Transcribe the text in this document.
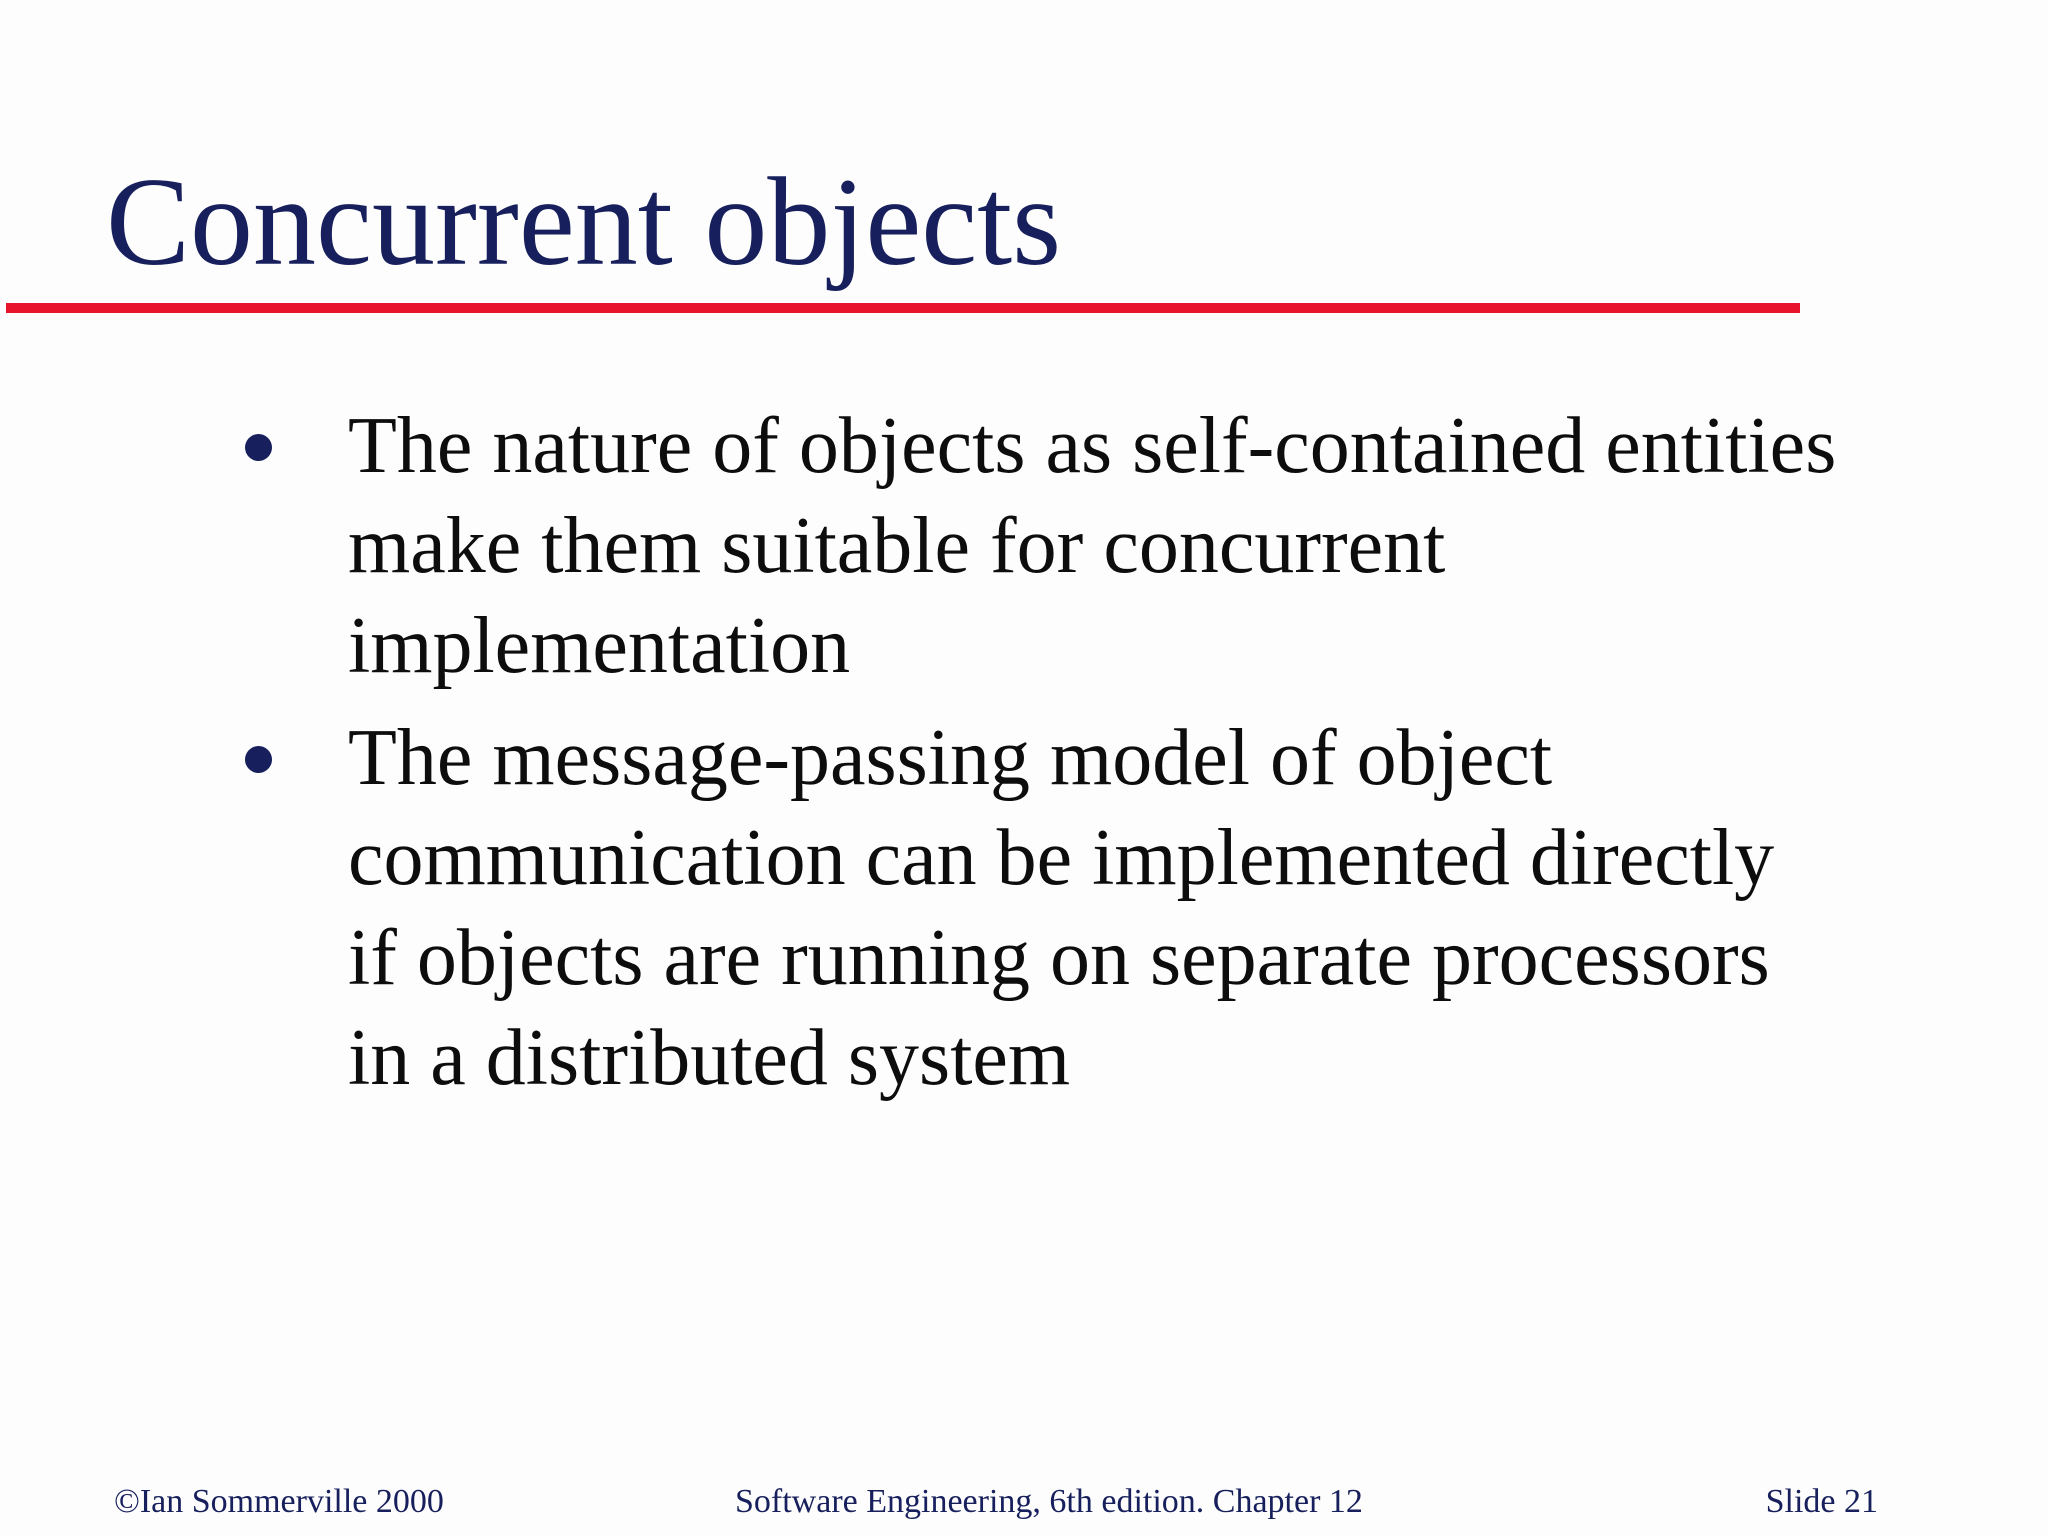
Concurrent objects
The nature of objects as self-contained entities make them suitable for concurrent implementation
The message-passing model of object communication can be implemented directly if objects are running on separate processors in a distributed system
©Ian Sommerville 2000	Software Engineering, 6th edition. Chapter 12	Slide 21
